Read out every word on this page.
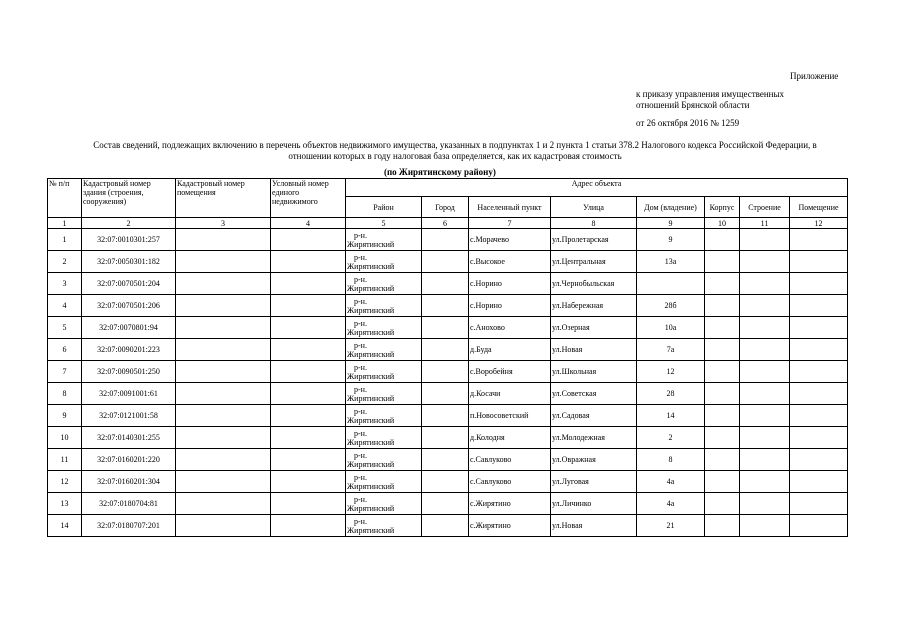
Приложение
к приказу управления имущественных
отношений Брянской области
от 26 октября 2016 № 1259
Состав сведений, подлежащих включению в перечень объектов недвижимого имущества, указанных в подпунктах 1 и 2 пункта 1 статьи 378.2 Налогового кодекса Российской Федерации, в отношении которых в году налоговая база определяется, как их кадастровая стоимость
(по Жирятинскому району)
№ п/п	Кадастровый номер здания (строения, сооружения)	Кадастровый номер помещения	Условный номер единого недвижимого	Адрес объекта							
				Район	Город	Населенный пункт	Улица	Дом (владение)	Корпус	Строение	Помещение
1	2	3	4	5	6	7	8	9	10	11	12
1	32:07:0010301:257			р-н.
Жирятинский		с.Морачево	ул.Пролетарская	9			
2	32:07:0050301:182			р-н.
Жирятинский		с.Высокое	ул.Центральная	13а			
3	32:07:0070501:204			р-н.
Жирятинский		с.Норино	ул.Чернобыльская				
4	32:07:0070501:206			р-н.
Жирятинский		с.Норино	ул.Набережная	28б			
5	32:07:0070801:94			р-н.
Жирятинский		с.Анохово	ул.Озерная	10а			
6	32:07:0090201:223			р-н.
Жирятинский		д.Буда	ул.Новая	7а			
7	32:07:0090501:250			р-н.
Жирятинский		с.Воробейня	ул.Школьная	12			
8	32:07:0091001:61			р-н.
Жирятинский		д.Косачи	ул.Советская	28			
9	32:07:0121001:58			р-н.
Жирятинский		п.Новосоветский	ул.Садовая	14			
10	32:07:0140301:255			р-н.
Жирятинский		д.Колодня	ул.Молодежная	2			
11	32:07:0160201:220			р-н.
Жирятинский		с.Савлуково	ул.Овражная	8			
12	32:07:0160201:304			р-н.
Жирятинский		с.Савлуково	ул.Луговая	4а			
13	32:07:0180704:81			р-н.
Жирятинский		с.Жирятино	ул.Личинко	4а			
14	32:07:0180707:201			р-н.
Жирятинский		с.Жирятино	ул.Новая	21			
